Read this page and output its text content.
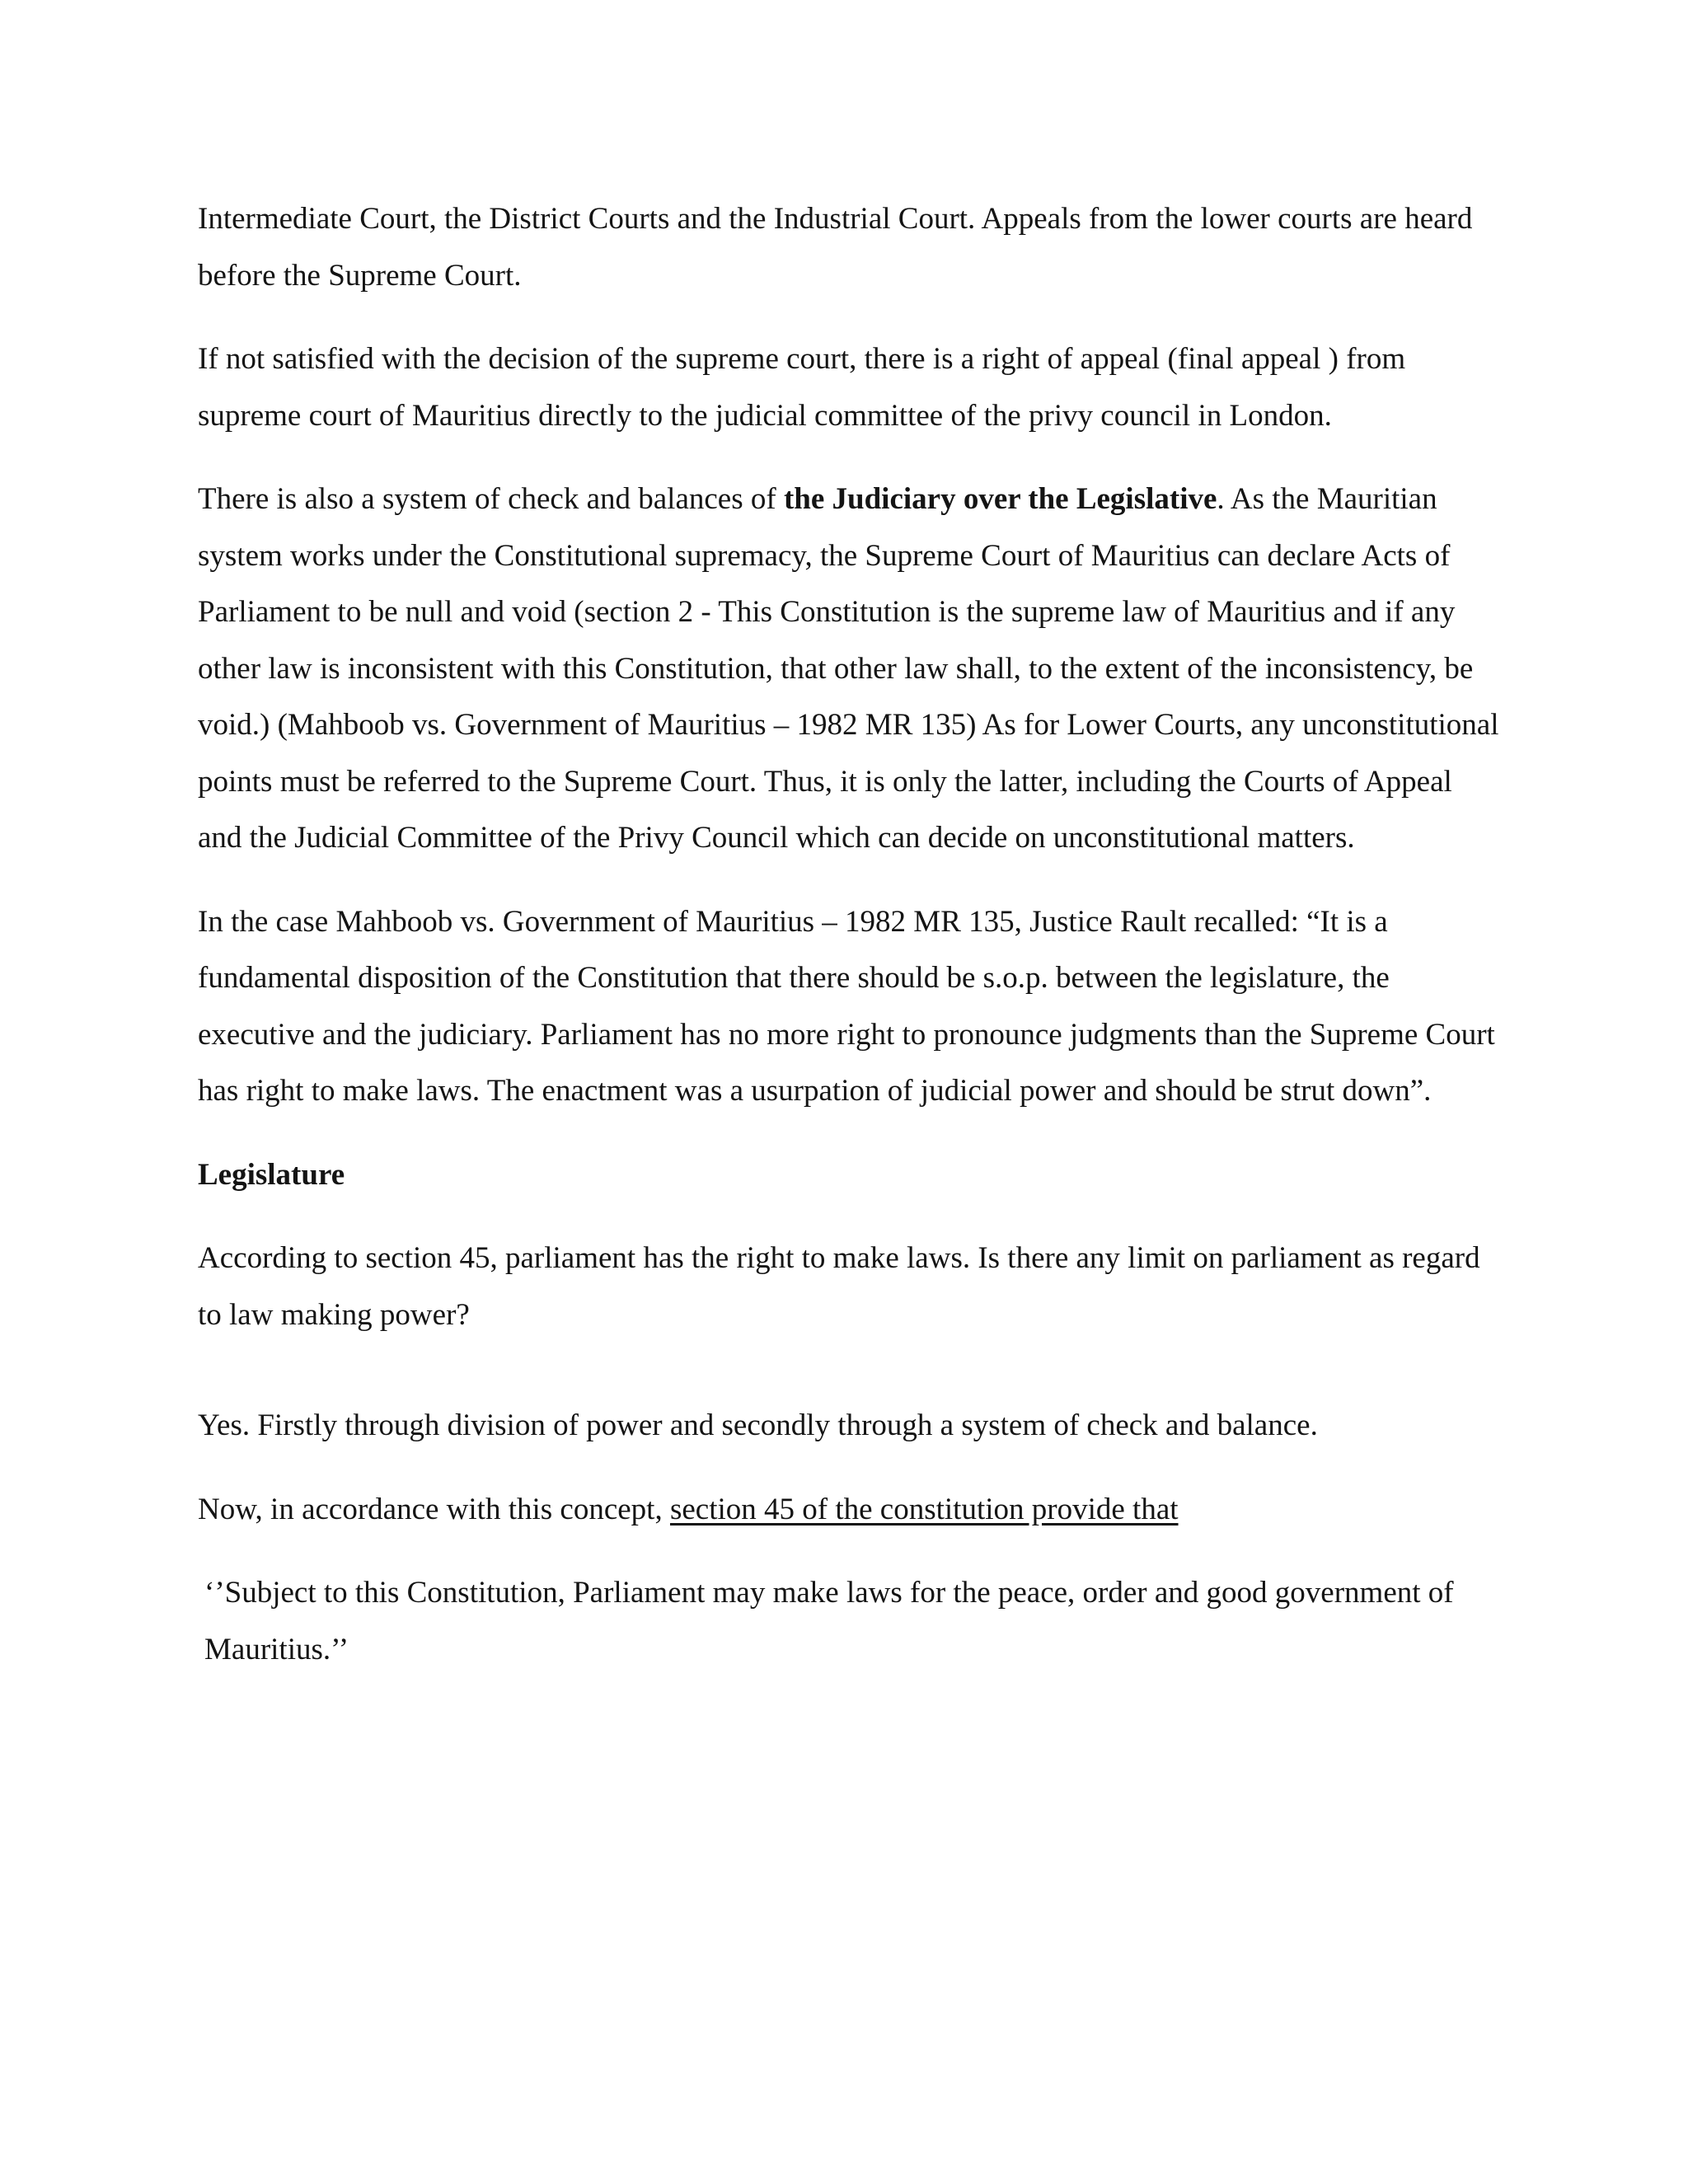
Intermediate Court, the District Courts and the Industrial Court. Appeals from the lower courts are heard before the Supreme Court.

If not satisfied with the decision of the supreme court, there is a right of appeal (final appeal ) from supreme court of Mauritius directly to the judicial committee of the privy council in London.

There is also a system of check and balances of the Judiciary over the Legislative. As the Mauritian system works under the Constitutional supremacy, the Supreme Court of Mauritius can declare Acts of Parliament to be null and void (section 2 - This Constitution is the supreme law of Mauritius and if any other law is inconsistent with this Constitution, that other law shall, to the extent of the inconsistency, be void.) (Mahboob vs. Government of Mauritius – 1982 MR 135) As for Lower Courts, any unconstitutional points must be referred to the Supreme Court. Thus, it is only the latter, including the Courts of Appeal and the Judicial Committee of the Privy Council which can decide on unconstitutional matters.

In the case Mahboob vs. Government of Mauritius – 1982 MR 135, Justice Rault recalled: “It is a fundamental disposition of the Constitution that there should be s.o.p. between the legislature, the executive and the judiciary. Parliament has no more right to pronounce judgments than the Supreme Court has right to make laws. The enactment was a usurpation of judicial power and should be strut down”.

Legislature

According to section 45, parliament has the right to make laws. Is there any limit on parliament as regard to law making power?

Yes. Firstly through division of power and secondly through a system of check and balance.

Now, in accordance with this concept, section 45 of the constitution provide that

‘’Subject to this Constitution, Parliament may make laws for the peace, order and good government of Mauritius.’’
